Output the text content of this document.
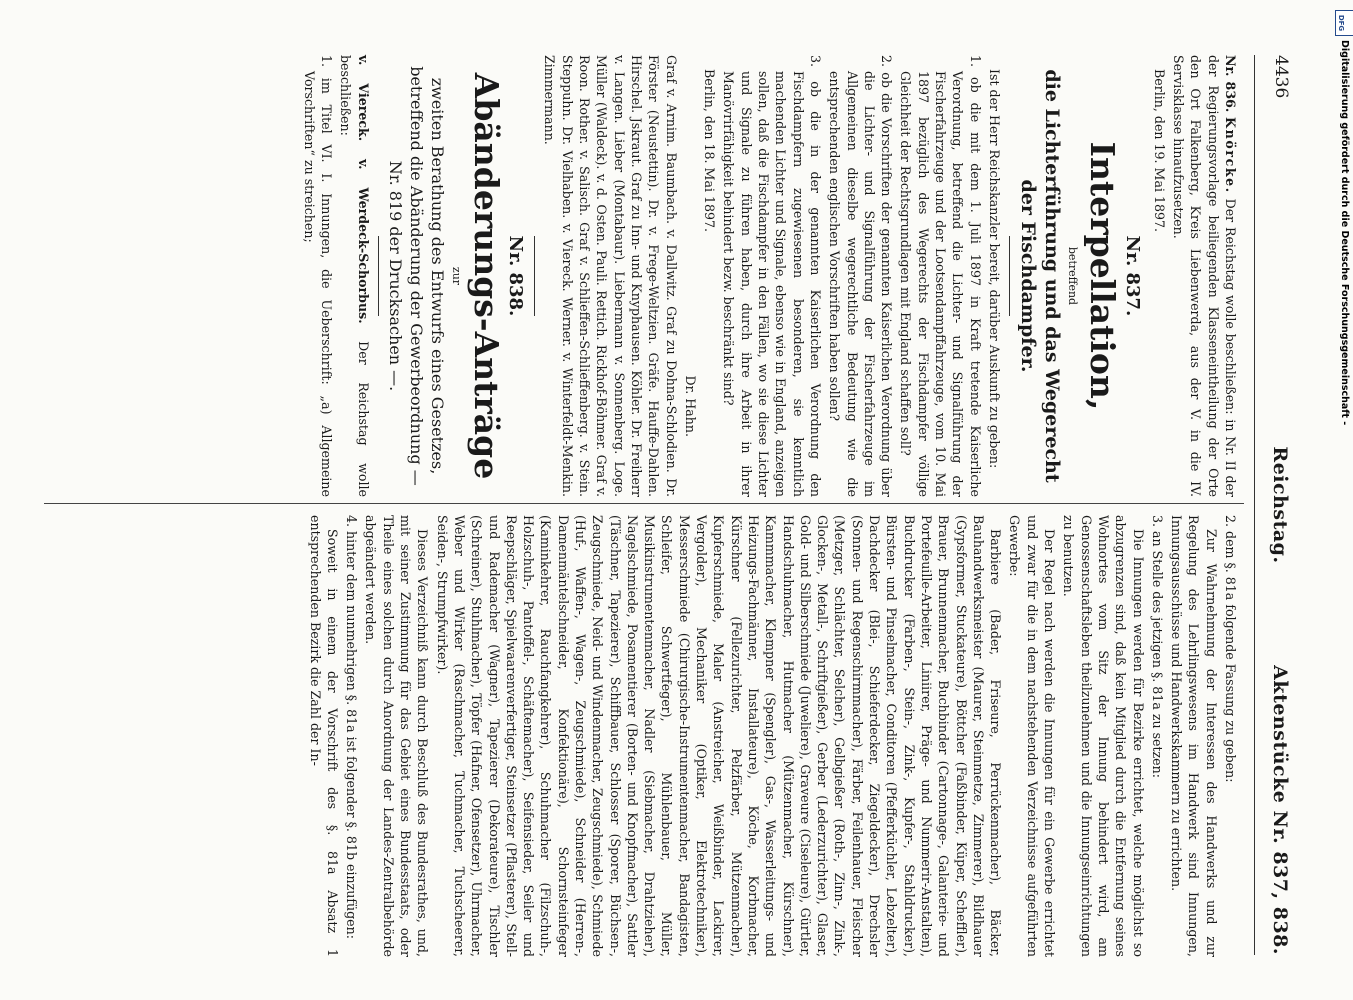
4436
Reichstag.
Aktenstücke Nr. 837, 838.

Nr. 836. Knörcke. Der Reichstag wolle beschließen: in Nr. II der der Regierungsvorlage beiliegenden Klasseneintheilung der Orte den Ort Falkenberg, Kreis Liebenwerda, aus der V. in die IV. Servisklasse hinaufzusetzen.

Berlin, den 19. Mai 1897.

Nr. 837.
Interpellation,

betreffend

die Lichterführung und das Wegerecht der Fischdampfer.

Ist der Herr Reichskanzler bereit, darüber Auskunft zu geben:

1. ob die mit dem 1. Juli 1897 in Kraft tretende Kaiserliche Verordnung, betreffend die Lichter- und Signalführung der Fischerfahrzeuge und der Lootsendampffahrzeuge, vom 10. Mai 1897 bezüglich des Wegerechts der Fischdampfer völlige Gleichheit der Rechtsgrundlagen mit England schaffen soll?

2. ob die Vorschriften der genannten Kaiserlichen Verordnung über die Lichter- und Signalführung der Fischerfahrzeuge im Allgemeinen dieselbe wegerechtliche Bedeutung wie die entsprechenden englischen Vorschriften haben sollen?

3. ob die in der genannten Kaiserlichen Verordnung den Fischdampfern zugewiesenen besonderen, sie kenntlich machenden Lichter und Signale, ebenso wie in England, anzeigen sollen, daß die Fischdampfer in den Fällen, wo sie diese Lichter und Signale zu führen haben, durch ihre Arbeit in ihrer Manövrirfähigkeit behindert bezw. beschränkt sind?

Berlin, den 18. Mai 1897.

Dr. Hahn.

Graf v. Arnim. Baumbach. v. Dallwitz. Graf zu Dohna-Schlodien. Dr. Förster (Neustettin). Dr. v. Frege-Weltzien. Gräfe. Hauffe-Dahlen. Hirschel. Jskraut. Graf zu Inn- und Knyphausen. Köhler. Dr. Freiherr v. Langen. Lieber (Montabaur). Liebermann v. Sonnenberg. Loge. Müller (Waldeck). v. d. Osten. Pauli. Rettich. Rickhof-Böhmer. Graf v. Roon. Rother. v. Salisch. Graf v. Schlieffen-Schlieffenberg. v. Stein. Steppuhn. Dr. Vielhaben. v. Viereck. Werner. v. Winterfeldt-Menkin. Zimmermann.

Nr. 838.
Abänderungs-Anträge

zur

zweiten Berathung des Entwurfs eines Gesetzes, betreffend die Abänderung der Gewerbeordnung — Nr. 819 der Drucksachen —.

v. Viereck. v. Werdeck-Schorbus. Der Reichstag wolle beschließen:

1. im Titel VI. I. Innungen, die Ueberschrift: „a) Allgemeine Vorschriften“ zu streichen;

2. dem §. 81a folgende Fassung zu geben:

Zur Wahrnehmung der Interessen des Handwerks und zur Regelung des Lehrlingswesens im Handwerk sind Innungen, Innungsausschüsse und Handwerkskammern zu errichten.

3. an Stelle des jetzigen §. 81a zu setzen:

Die Innungen werden für Bezirke errichtet, welche möglichst so abzugrenzen sind, daß kein Mitglied durch die Entfernung seines Wohnortes vom Sitz der Innung behindert wird, am Genossenschaftsleben theilzunehmen und die Innungseinrichtungen zu benutzen.

Der Regel nach werden die Innungen für ein Gewerbe errichtet und zwar für die in dem nachstehenden Verzeichnisse aufgeführten Gewerbe:

Barbiere (Bader, Friseure, Perrückenmacher), Bäcker, Bauhandwerksmeister (Maurer, Steinmetze, Zimmerer), Bildhauer (Gypsformer, Stuckateure), Böttcher (Faßbinder, Küper, Scheffler), Brauer, Brunnenmacher, Buchbinder (Cartonnage-, Galanterie- und Portefeuille-Arbeiter, Liniirer, Präge- und Nummerir-Anstalten), Buchdrucker (Farben-, Stein-, Zink-, Kupfer-, Stahldrucker), Bürsten- und Pinselmacher, Conditoren (Pfefferküchler, Lebzelter), Dachdecker (Blei-, Schieferdecker, Ziegeldecker), Drechsler (Sonnen- und Regenschirmmacher), Färber, Feilenhauer, Fleischer (Metzger, Schlächter, Selcher), Gelbgießer (Roth-, Zinn-, Zink-, Glocken-, Metall-, Schriftgießer), Gerber (Lederzurichter), Glaser, Gold- und Silberschmiede (Juweliere), Graveure (Ciseleure), Gürtler, Handschuhmacher, Hutmacher (Mützenmacher, Kürschner), Kammmacher, Klempner (Spengler), Gas-, Wasserleitungs- und Heizungs-Fachmänner, Installateure), Köche, Korbmacher, Kürschner (Fellezurichter, Pelzfärber, Mützenmacher), Kupferschmiede, Maler (Anstreicher, Weißbinder, Lackirer, Vergolder), Mechaniker (Optiker, Elektrotechniker), Messerschmiede (Chirurgische-Instrumentenmacher, Bandagisten, Schleifer, Schwertfeger), Mühlenbauer, Müller, Musikinstrumentenmacher, Nadler (Siebmacher, Drahtzieher), Nagelschmiede, Posamentierer (Borten- und Knopfmacher), Sattler (Täschner, Tapezierer), Schiffbauer, Schlosser (Sporer, Büchsen-, Zeugschmiede, Neid- und Windenmacher, Zeugschmiede), Schmiede (Huf-, Waffen-, Wagen-, Zeugschmiede), Schneider (Herren-, Damenmäntelschneider, Konfektionäre), Schornsteinfeger (Kaminkehrer, Rauchfangkehrer), Schuhmacher (Filzschuh-, Holzschuh-, Pantoffel-, Schäftemacher), Seifensieder, Seiler und Reepschläger, Spielwaarenverfertiger, Steinsetzer (Pflasterer), Stell- und Rademacher (Wagner), Tapezierer (Dekorateure), Tischler (Schreiner), Stuhlmacher), Töpfer (Hafner, Ofensetzer), Uhrmacher, Weber und Wirker (Raschmacher, Tuchmacher, Tuchscheerer, Seiden-, Strumpfwirker).

Dieses Verzeichniß kann durch Beschluß des Bundesrathes, und, mit seiner Zustimmung für das Gebiet eines Bundesstaats, oder Theile eines solchen durch Anordnung der Landes-Zentralbehörde abgeändert werden.

4. hinter dem nunmehrigen §. 81a ist folgender §. 81b einzufügen:

Soweit in einem der Vorschrift des §. 81a Absatz 1 entsprechenden Bezirk die Zahl der In-

DFG
Digitalisierung gefördert durch die Deutsche Forschungsgemeinschaft -
